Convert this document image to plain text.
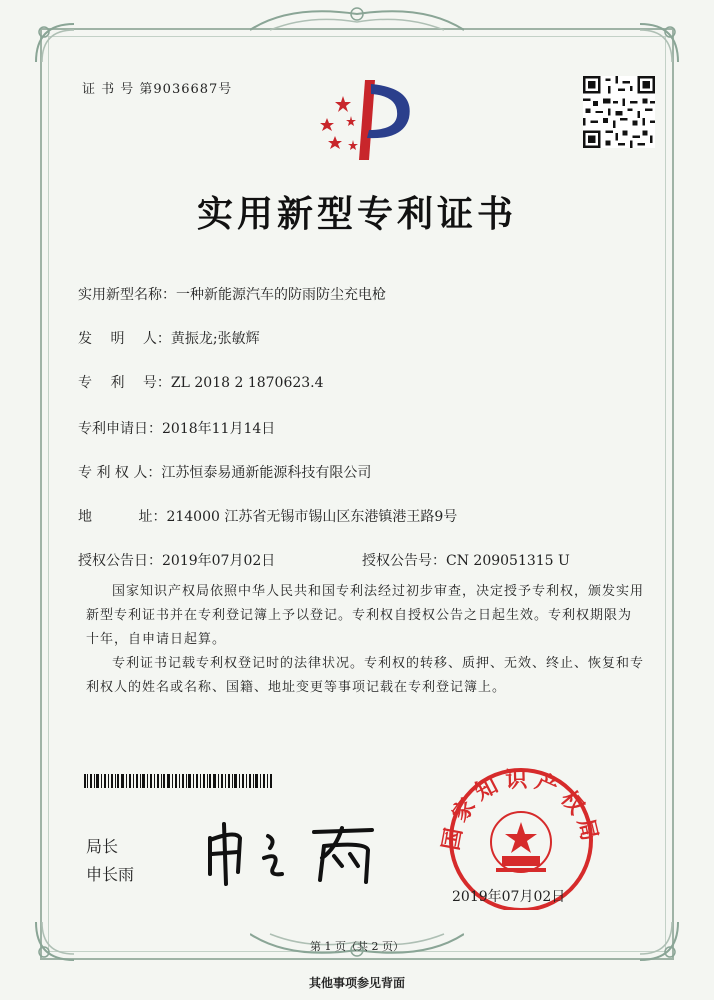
证 书 号 第9036687号
实用新型专利证书
实用新型名称：一种新能源汽车的防雨防尘充电枪
发　 明　 人：黄振龙;张敏辉
专　 利　 号：ZL 2018 2 1870623.4
专利申请日：2018年11月14日
专 利 权 人：江苏恒泰易通新能源科技有限公司
地　　　 址：214000 江苏省无锡市锡山区东港镇港王路9号
授权公告日：2019年07月02日	授权公告号：CN 209051315 U
国家知识产权局依照中华人民共和国专利法经过初步审查，决定授予专利权，颁发实用新型专利证书并在专利登记簿上予以登记。专利权自授权公告之日起生效。专利权期限为十年，自申请日起算。
专利证书记载专利权登记时的法律状况。专利权的转移、质押、无效、终止、恢复和专利权人的姓名或名称、国籍、地址变更等事项记载在专利登记簿上。
局长
申长雨
国家知识产权局
2019年07月02日
第 1 页（共 2 页）
其他事项参见背面
